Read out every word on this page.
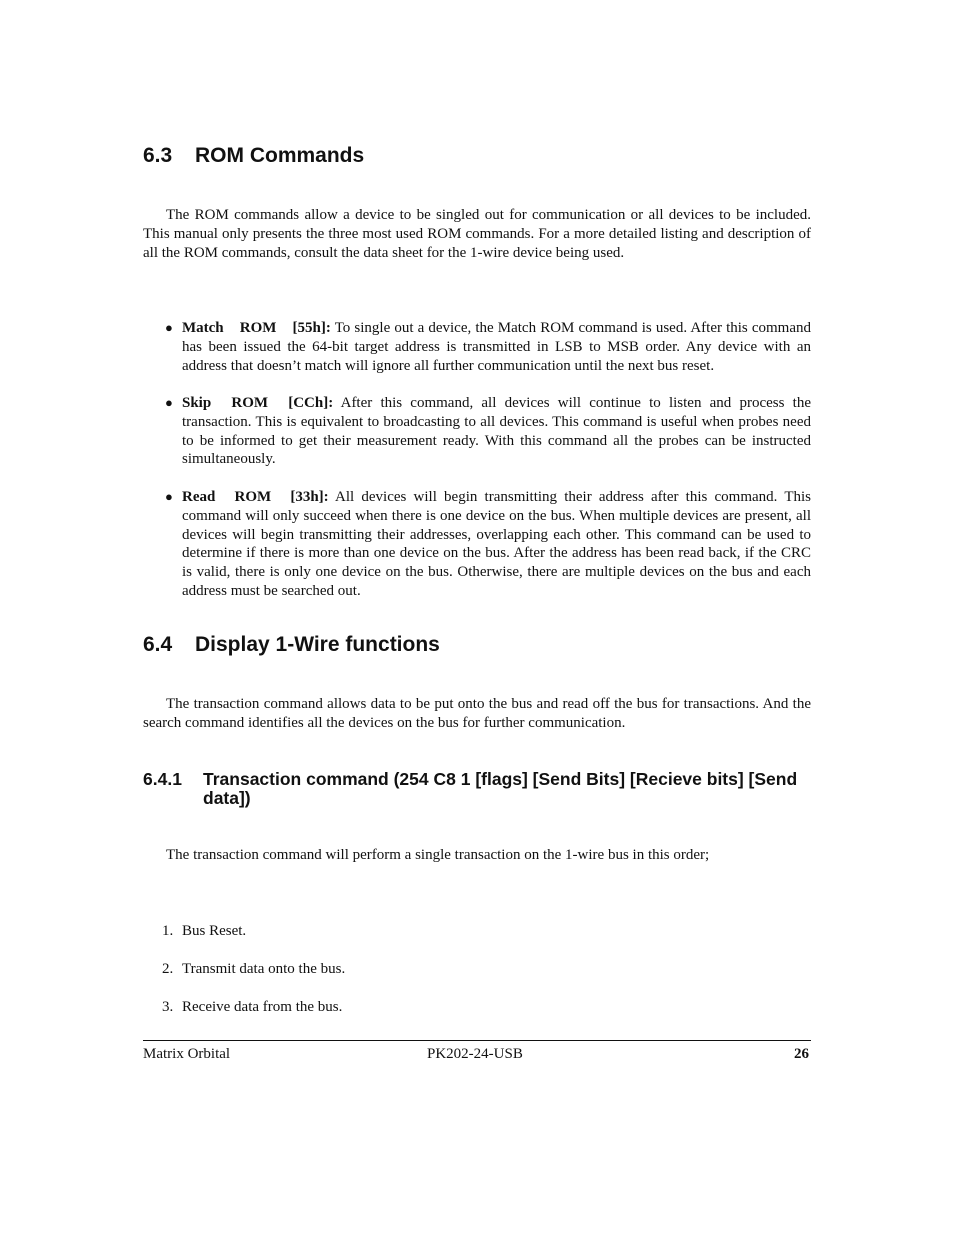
6.3 ROM Commands

The ROM commands allow a device to be singled out for communication or all devices to be included. This manual only presents the three most used ROM commands. For a more detailed listing and description of all the ROM commands, consult the data sheet for the 1-wire device being used.

● Match ROM [55h]: To single out a device, the Match ROM command is used. After this command has been issued the 64-bit target address is transmitted in LSB to MSB order. Any device with an address that doesn’t match will ignore all further communication until the next bus reset.
● Skip ROM [CCh]: After this command, all devices will continue to listen and process the transaction. This is equivalent to broadcasting to all devices. This command is useful when probes need to be informed to get their measurement ready. With this command all the probes can be instructed simultaneously.
● Read ROM [33h]: All devices will begin transmitting their address after this command. This command will only succeed when there is one device on the bus. When multiple devices are present, all devices will begin transmitting their addresses, overlapping each other. This command can be used to determine if there is more than one device on the bus. After the address has been read back, if the CRC is valid, there is only one device on the bus. Otherwise, there are multiple devices on the bus and each address must be searched out.
6.4 Display 1-Wire functions

The transaction command allows data to be put onto the bus and read off the bus for transactions. And the search command identifies all the devices on the bus for further communication.

6.4.1 Transaction command (254 C8 1 [flags] [Send Bits] [Recieve bits] [Send data])

The transaction command will perform a single transaction on the 1-wire bus in this order;

1. Bus Reset.
2. Transmit data onto the bus.
3. Receive data from the bus.
Matrix Orbital	PK202-24-USB	26
